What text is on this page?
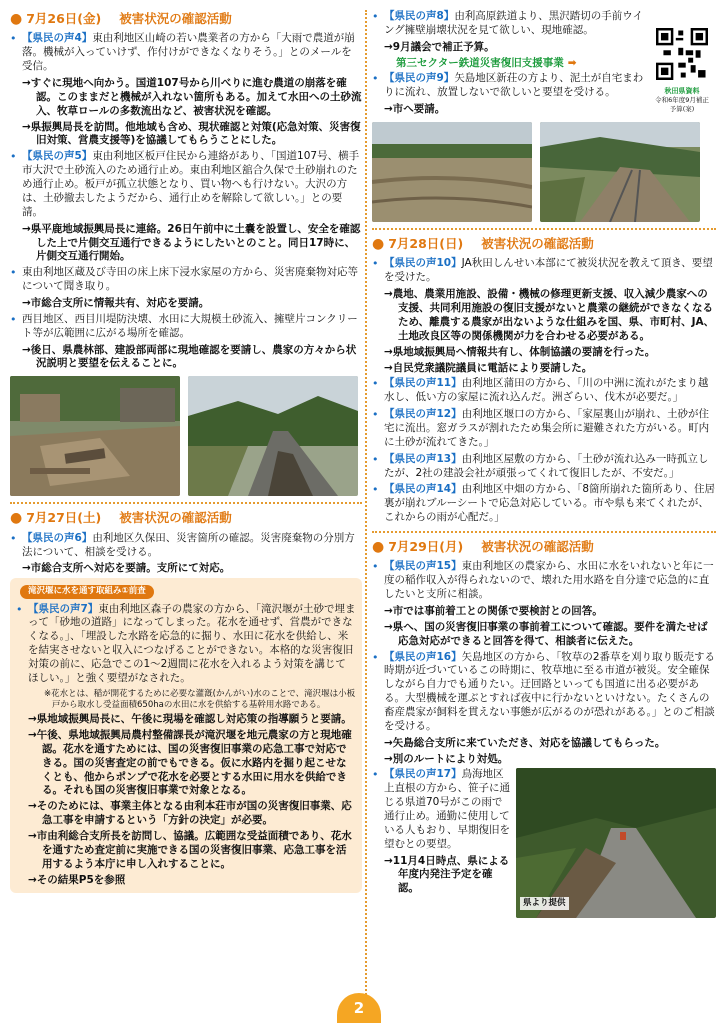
● 7月26日(金) 被害状況の確認活動
• 【県民の声4】東由利地区山崎の若い農業者の方から「大雨で農道が崩落。機械が入っていけず、作付けができなくなりそう。」とのメールを受信。
→すぐに現地へ向かう。国道107号から川べりに進む農道の崩落を確認。このままだと機械が入れない箇所もある。加えて水田への土砂流入、牧草ロールの多数流出など、被害状況を確認。
→県振興局長を訪問。他地域も含め、現状確認と対策(応急対策、災害復旧対策、営農支援等)を協議してもらうことにした。
• 【県民の声5】東由利地区板戸住民から連絡があり、「国道107号、横手市大沢で土砂流入のため通行止め。東由利地区舘合久保で土砂崩れのため通行止め。板戸が孤立状態となり、買い物へも行けない。大沢の方は、土砂撤去したようだから、通行止めを解除して欲しい。」との要請。
→県平鹿地域振興局長に連絡。26日午前中に土嚢を設置し、安全を確認した上で片側交互通行できるようにしたいとのこと。同日17時に、片側交互通行開始。
• 東由利地区蔵及び寺田の床上床下浸水家屋の方から、災害廃棄物対応等について聞き取り。
→市総合支所に情報共有、対応を要請。
• 西目地区、西目川堤防決壊、水田に大規模土砂流入、擁壁片コンクリート等が広範囲に広がる場所を確認。
→後日、県農林部、建設部両部に現地確認を要請し、農家の方々から状況説明と要望を伝えることに。
● 7月27日(土) 被害状況の確認活動
• 【県民の声6】由利地区久保田、災害箇所の確認。災害廃棄物の分別方法について、相談を受ける。
→市総合支所へ対応を要請。支所にて対応。
滝沢堰に水を通す取組み①前査
• 【県民の声7】東由利地区森子の農家の方から、「滝沢堰が土砂で埋まって「砂地の道路」になってしまった。花水を通せず、営農ができなくなる。」、「埋設した水路を応急的に掘り、水田に花水を供給し、米を結実させないと収入につなげることができない。本格的な災害復旧対策の前に、応急でこの1～2週間に花水を入れるよう対策を講じてほしい。」と強く要望がなされた。
※花水とは、稲が開花するために必要な灌漑(かんがい)水のことで、滝沢堰は小板戸から取水し受益面積650haの水田に水を供給する基幹用水路である。
→県地域振興局長に、午後に現場を確認し対応策の指導願うと要請。
→午後、県地域振興局農村整備課長が滝沢堰を地元農家の方と現地確認。花水を通すためには、国の災害復旧事業の応急工事で対応できる。国の災害査定の前でもできる。仮に水路内を掘り起こせなくとも、他からポンプで花水を必要とする水田に用水を供給できる。それも国の災害復旧事業で対象となる。
→そのためには、事業主体となる由利本荘市が国の災害復旧事業、応急工事を申請するという「方針の決定」が必要。
→市由利総合支所長を訪問し、協議。広範囲な受益面積であり、花水を通すため査定前に実施できる国の災害復旧事業、応急工事を活用するよう本庁に申し入れすることに。
→その結果P5を参照
• 【県民の声8】由利高原鉄道より、黒沢踏切の手前ウイング擁壁崩壊状況を見て欲しい、現地確認。
→9月議会で補正予算。
第三セクター鉄道災害復旧支援事業 ➡
• 【県民の声9】矢島地区新荘の方より、泥土が自宅まわりに流れ、放置しないで欲しいと要望を受ける。
→市へ要請。
秋田県資料
令和6年度9月補正予算(案)
● 7月28日(日) 被害状況の確認活動
• 【県民の声10】JA秋田しんせい本部にて被災状況を教えて頂き、要望を受けた。
→農地、農業用施設、設備・機械の修理更新支援、収入減少農家への支援、共同利用施設の復旧支援がないと農業の継続ができなくなるため、離農する農家が出ないような仕組みを国、県、市町村、JA、土地改良区等の関係機関が力を合わせる必要がある。
→県地域振興局へ情報共有し、体制協議の要請を行った。
→自民党衆議院議員に電話により要請した。
• 【県民の声11】由利地区蒲田の方から、「川の中洲に流れがたまり越水し、低い方の家屋に流れ込んだ。洲ざらい、伐木が必要だ。」
• 【県民の声12】由利地区堰口の方から、「家屋裏山が崩れ、土砂が住宅に流出。窓ガラスが割れたため集会所に避難された方がいる。町内に土砂が流れてきた。」
• 【県民の声13】由利地区屋敷の方から、「土砂が流れ込み一時孤立したが、2社の建設会社が頑張ってくれて復旧したが、不安だ。」
• 【県民の声14】由利地区中畑の方から、「8箇所崩れた箇所あり、住居裏が崩れブルーシートで応急対応している。市や県も来てくれたが、これからの雨が心配だ。」
● 7月29日(月) 被害状況の確認活動
• 【県民の声15】東由利地区の農家から、水田に水をいれないと年に一度の稲作収入が得られないので、壊れた用水路を自分達で応急的に直したいと支所に相談。
→市では事前着工との関係で要検討との回答。
→県へ、国の災害復旧事業の事前着工について確認。要件を満たせば応急対応ができると回答を得て、相談者に伝えた。
• 【県民の声16】矢島地区の方から、「牧草の2番草を刈り取り販売する時期が近づいているこの時期に、牧草地に至る市道が被災。安全確保しながら自力でも通りたい。迂回路といっても国道に出る必要がある。大型機械を運ぶとすれば夜中に行かないといけない。たくさんの畜産農家が飼料を貫えない事態が広がるのが恐れがある。」とのご相談を受ける。
→矢島総合支所に来ていただき、対応を協議してもらった。
→別のルートにより対処。
県より提供
• 【県民の声17】鳥海地区上直根の方から、笹子に通じる県道70号がこの雨で通行止め。通勤に使用している人もおり、早期復旧を望むとの要望。
→11月4日時点、県による年度内発注予定を確認。
2
